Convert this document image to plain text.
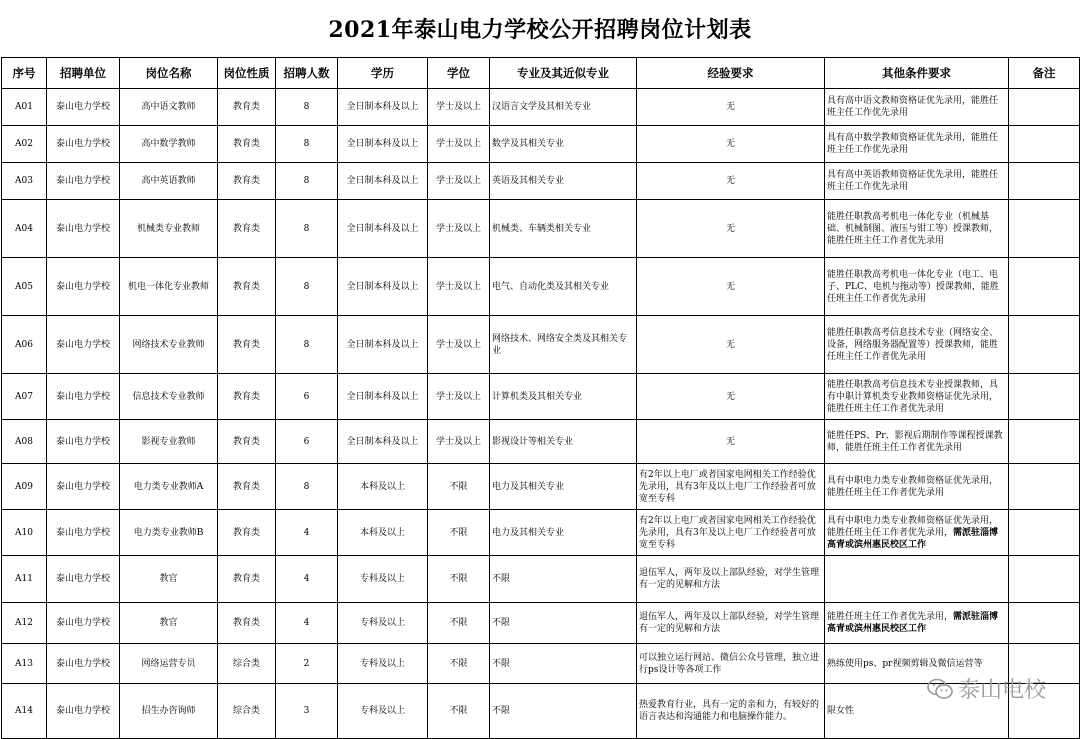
2021年泰山电力学校公开招聘岗位计划表
序号	招聘单位	岗位名称	岗位性质	招聘人数	学历	学位	专业及其近似专业	经验要求	其他条件要求	备注
A01	泰山电力学校	高中语文教师	教育类	8	全日制本科及以上	学士及以上	汉语言文学及其相关专业	无	具有高中语文教师资格证优先录用，能胜任班主任工作优先录用	
A02	泰山电力学校	高中数学教师	教育类	8	全日制本科及以上	学士及以上	数学及其相关专业	无	具有高中数学教师资格证优先录用，能胜任班主任工作优先录用	
A03	泰山电力学校	高中英语教师	教育类	8	全日制本科及以上	学士及以上	英语及其相关专业	无	具有高中英语教师资格证优先录用，能胜任班主任工作优先录用	
A04	泰山电力学校	机械类专业教师	教育类	8	全日制本科及以上	学士及以上	机械类、车辆类相关专业	无	能胜任职教高考机电一体化专业（机械基础、机械制图、液压与钳工等）授课教师，能胜任班主任工作者优先录用	
A05	泰山电力学校	机电一体化专业教师	教育类	8	全日制本科及以上	学士及以上	电气、自动化类及其相关专业	无	能胜任职教高考机电一体化专业（电工、电子、PLC、电机与拖动等）授课教师，能胜任班主任工作者优先录用	
A06	泰山电力学校	网络技术专业教师	教育类	8	全日制本科及以上	学士及以上	网络技术、网络安全类及其相关专业	无	能胜任职教高考信息技术专业（网络安全、设备，网络服务器配置等）授课教师，能胜任班主任工作者优先录用	
A07	泰山电力学校	信息技术专业教师	教育类	6	全日制本科及以上	学士及以上	计算机类及其相关专业	无	能胜任职教高考信息技术专业授课教师，具有中职计算机类专业教师资格证优先录用，能胜任班主任工作者优先录用	
A08	泰山电力学校	影视专业教师	教育类	6	全日制本科及以上	学士及以上	影视设计等相关专业	无	能胜任PS、Pr、影视后期制作等课程授课教师，能胜任班主任工作者优先录用	
A09	泰山电力学校	电力类专业教师A	教育类	8	本科及以上	不限	电力及其相关专业	有2年以上电厂或者国家电网相关工作经验优先录用，具有3年及以上电厂工作经验者可放宽至专科	具有中职电力类专业教师资格证优先录用，能胜任班主任工作者优先录用	
A10	泰山电力学校	电力类专业教师B	教育类	4	本科及以上	不限	电力及其相关专业	有2年以上电厂或者国家电网相关工作经验优先录用，具有3年及以上电厂工作经验者可放宽至专科	具有中职电力类专业教师资格证优先录用，能胜任班主任工作者优先录用，需派驻淄博高青或滨州惠民校区工作	
A11	泰山电力学校	教官	教育类	4	专科及以上	不限	不限	退伍军人，两年及以上部队经验，对学生管理有一定的见解和方法		
A12	泰山电力学校	教官	教育类	4	专科及以上	不限	不限	退伍军人，两年及以上部队经验，对学生管理有一定的见解和方法	能胜任班主任工作者优先录用，需派驻淄博高青或滨州惠民校区工作	
A13	泰山电力学校	网络运营专员	综合类	2	专科及以上	不限	不限	可以独立运行网站、微信公众号管理，独立进行ps设计等各项工作	熟练使用ps、pr视频剪辑及微信运营等	
A14	泰山电力学校	招生办咨询师	综合类	3	专科及以上	不限	不限	热爱教育行业，具有一定的亲和力，有较好的语言表达和沟通能力和电脑操作能力。	限女性	
泰山电校
